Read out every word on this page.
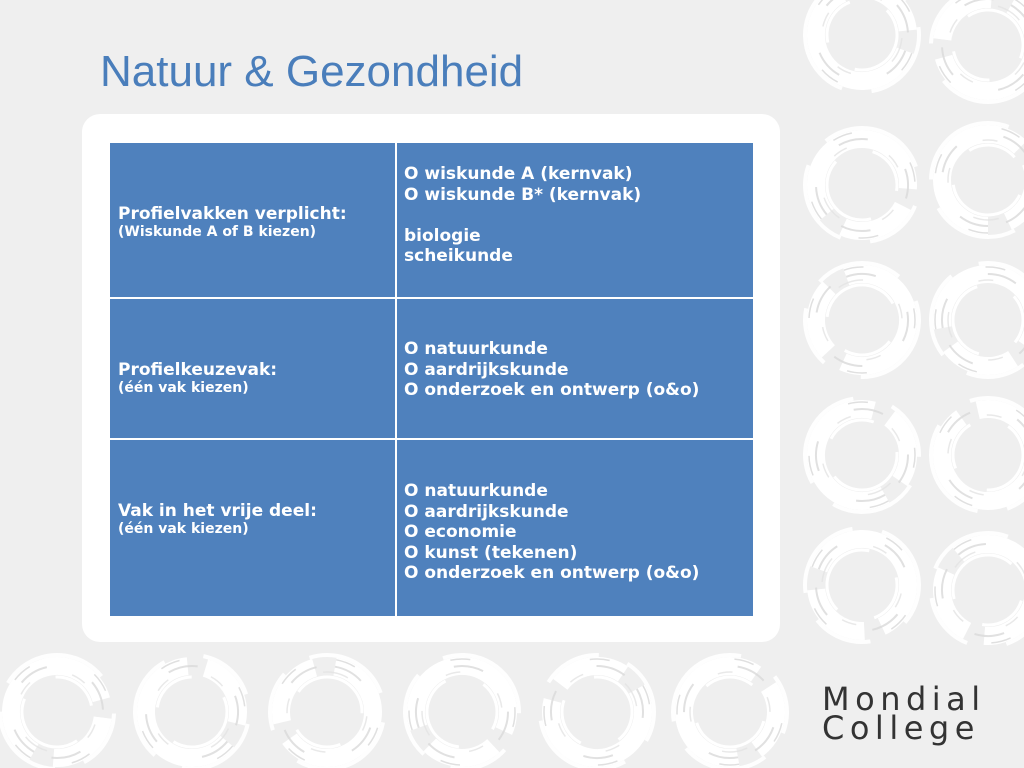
Natuur & Gezondheid
Profielvakken verplicht:
(Wiskunde A of B kiezen)
O wiskunde A (kernvak)
O wiskunde B* (kernvak)
biologie
scheikunde
Profielkeuzevak:
(één vak kiezen)
O natuurkunde
O aardrijkskunde
O onderzoek en ontwerp (o&o)
Vak in het vrije deel:
(één vak kiezen)
O natuurkunde
O aardrijkskunde
O economie
O kunst (tekenen)
O onderzoek en ontwerp (o&o)
Mondial
College
